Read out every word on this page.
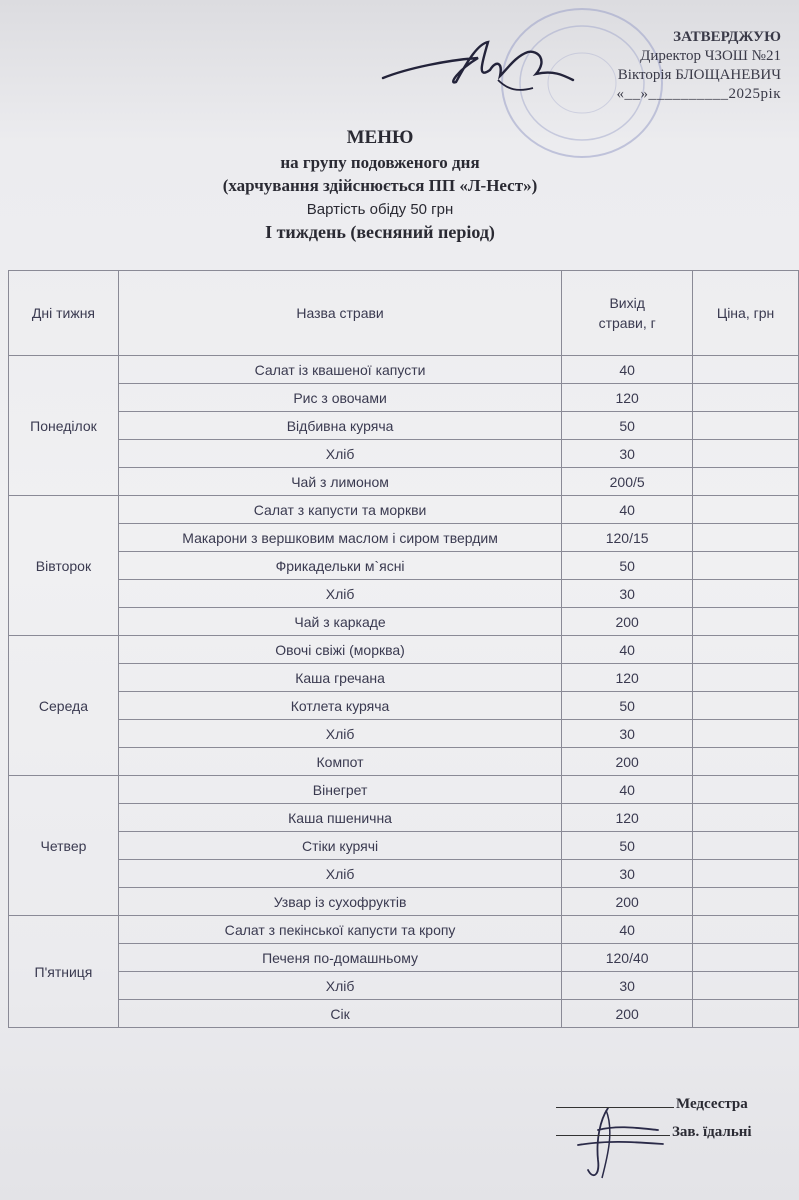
ЗАТВЕРДЖУЮ
Директор ЧЗОШ №21
Вікторія БЛОЩАНЕВИЧ
«__»__________2025рік
МЕНЮ
на групу подовженого дня
(харчування здійснюється ПП «Л-Нест»)
Вартість обіду 50 грн
І тиждень (весняний період)
Дні тижня	Назва страви	Вихід страви, г	Ціна, грн
Понеділок	Салат із квашеної капусти	40	
	Рис з овочами	120	
	Відбивна куряча	50	
	Хліб	30	
	Чай з лимоном	200/5	
Вівторок	Салат з капусти та моркви	40	
	Макарони з вершковим маслом і сиром твердим	120/15	
	Фрикадельки м`ясні	50	
	Хліб	30	
	Чай з каркаде	200	
Середа	Овочі свіжі (морква)	40	
	Каша гречана	120	
	Котлета куряча	50	
	Хліб	30	
	Компот	200	
Четвер	Вінегрет	40	
	Каша пшенична	120	
	Стіки курячі	50	
	Хліб	30	
	Узвар із сухофруктів	200	
П'ятниця	Салат з пекінської капусти та кропу	40	
	Печеня по-домашньому	120/40	
	Хліб	30	
	Сік	200	
Медсестра
Зав. їдальні
